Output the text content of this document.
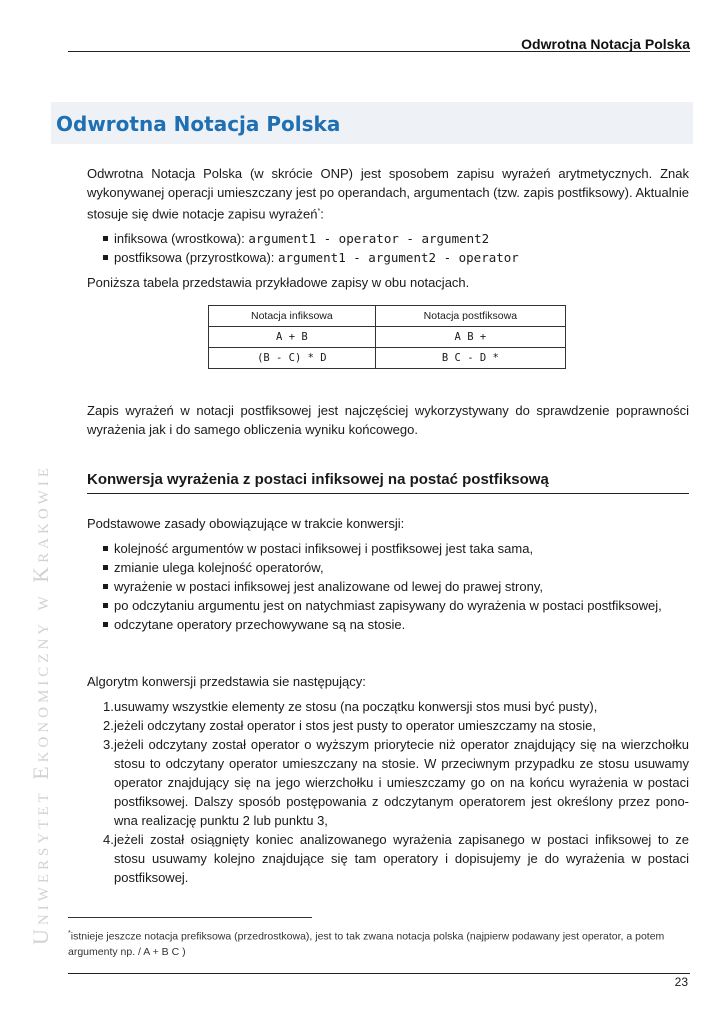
Odwrotna Notacja Polska
Uniwersytet Ekonomiczny w Krakowie
Odwrotna Notacja Polska

Odwrotna Notacja Polska (w skrócie ONP) jest sposobem zapisu wyrażeń arytmetycznych. Znak wykonywanej operacji umieszczany jest po operandach, argumentach (tzw. zapis postfiksowy). Aktualnie stosuje się dwie notacje zapisu wyrażeń*:

infiksowa (wrostkowa): argument1 - operator - argument2
postfiksowa (przyrostkowa): argument1 - argument2 - operator

Poniższa tabela przedstawia przykładowe zapisy w obu notacjach.

Notacja infiksowa	Notacja postfiksowa
A + B	A B +
(B - C) * D	B C - D *

Zapis wyrażeń w notacji postfiksowej jest najczęściej wykorzystywany do sprawdzenie poprawności wyrażenia jak i do samego obliczenia wyniku końcowego.

Konwersja wyrażenia z postaci infiksowej na postać postfiksową

Podstawowe zasady obowiązujące w trakcie konwersji:

kolejność argumentów w postaci infiksowej i postfiksowej jest taka sama,
zmianie ulega kolejność operatorów,
wyrażenie w postaci infiksowej jest analizowane od lewej do prawej strony,
po odczytaniu argumentu jest on natychmiast zapisywany do wyrażenia w postaci postfiksowej,
odczytane operatory przechowywane są na stosie.

Algorytm konwersji przedstawia sie następujący:

1. usuwamy wszystkie elementy ze stosu (na początku konwersji stos musi być pusty),
2. jeżeli odczytany został operator i stos jest pusty to operator umieszczamy na stosie,
3. jeżeli odczytany został operator o wyższym priorytecie niż operator znajdujący się na wierzchołku stosu to odczytany operator umieszczany na stosie. W przeciwnym przypadku ze stosu usuwamy operator znajdujący się na jego wierzchołku i umieszczamy go on na końcu wyrażenia w postaci postfiksowej. Dalszy sposób postępowania z odczytanym operatorem jest określony przez pono-wna realizację punktu 2 lub punktu 3,
4. jeżeli został osiągnięty koniec analizowanego wyrażenia zapisanego w postaci infiksowej to ze stosu usuwamy kolejno znajdujące się tam operatory i dopisujemy je do wyrażenia w postaci postfiksowej.
*istnieje jeszcze notacja prefiksowa (przedrostkowa), jest to tak zwana notacja polska (najpierw podawany jest operator, a potem argumenty np. / A + B C )
23
